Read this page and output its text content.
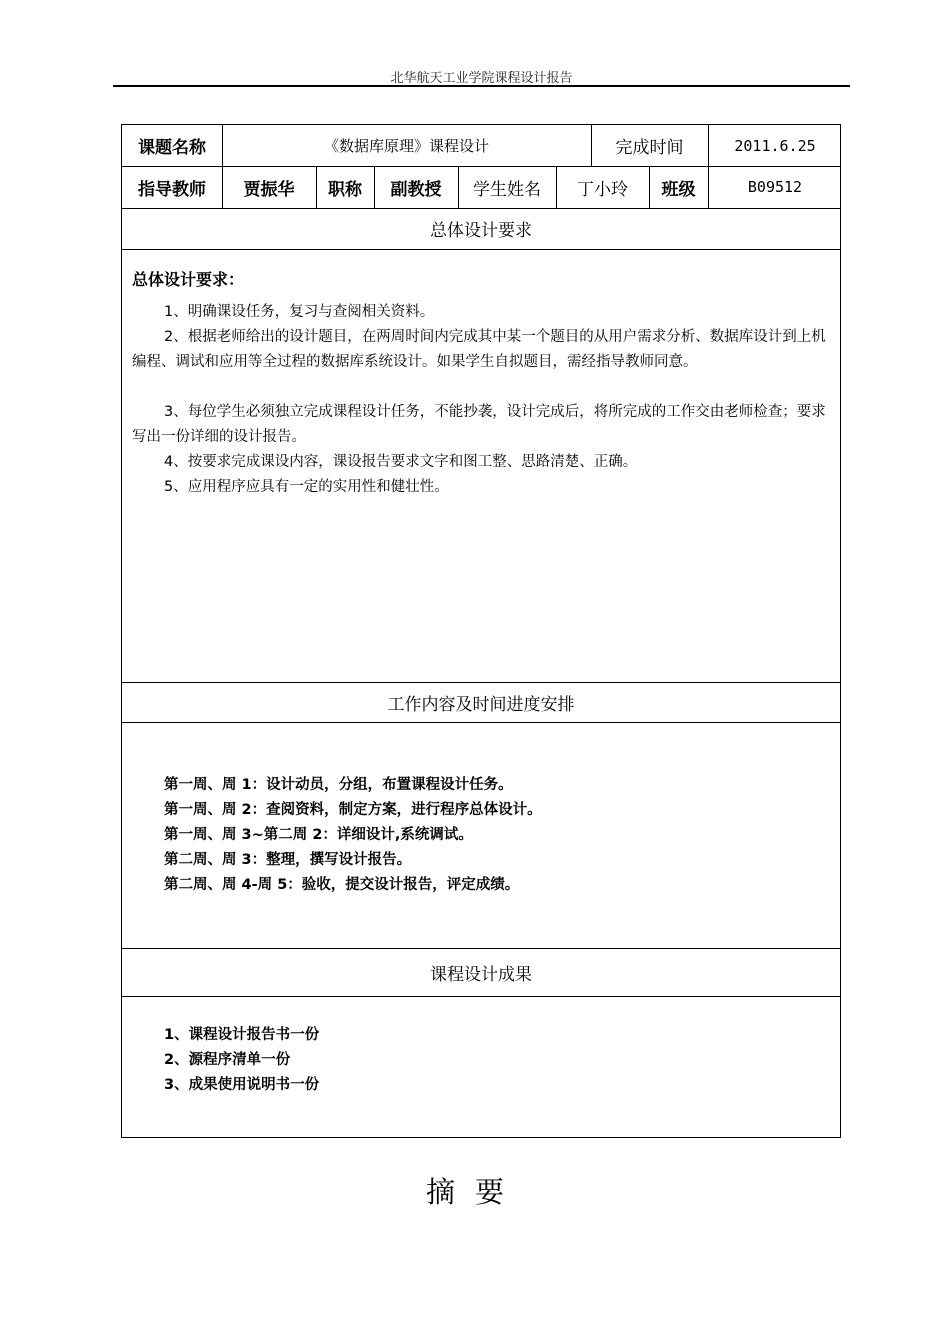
北华航天工业学院课程设计报告
课题名称	《数据库原理》课程设计	完成时间	2011.6.25
指导教师	贾振华	职称	副教授	学生姓名	丁小玲	班级	B09512
总体设计要求
总体设计要求：
1、明确课设任务，复习与查阅相关资料。
2、根据老师给出的设计题目，在两周时间内完成其中某一个题目的从用户需求分析、数据库设计到上机编程、调试和应用等全过程的数据库系统设计。如果学生自拟题目，需经指导教师同意。
3、每位学生必须独立完成课程设计任务，不能抄袭，设计完成后，将所完成的工作交由老师检查；要求写出一份详细的设计报告。
4、按要求完成课设内容，课设报告要求文字和图工整、思路清楚、正确。
5、应用程序应具有一定的实用性和健壮性。
工作内容及时间进度安排
第一周、周 1：设计动员，分组，布置课程设计任务。
第一周、周 2：查阅资料，制定方案，进行程序总体设计。
第一周、周 3~第二周 2：详细设计,系统调试。
第二周、周 3：整理，撰写设计报告。
第二周、周 4-周 5：验收，提交设计报告，评定成绩。
课程设计成果
1、课程设计报告书一份
2、源程序清单一份
3、成果使用说明书一份
摘要
